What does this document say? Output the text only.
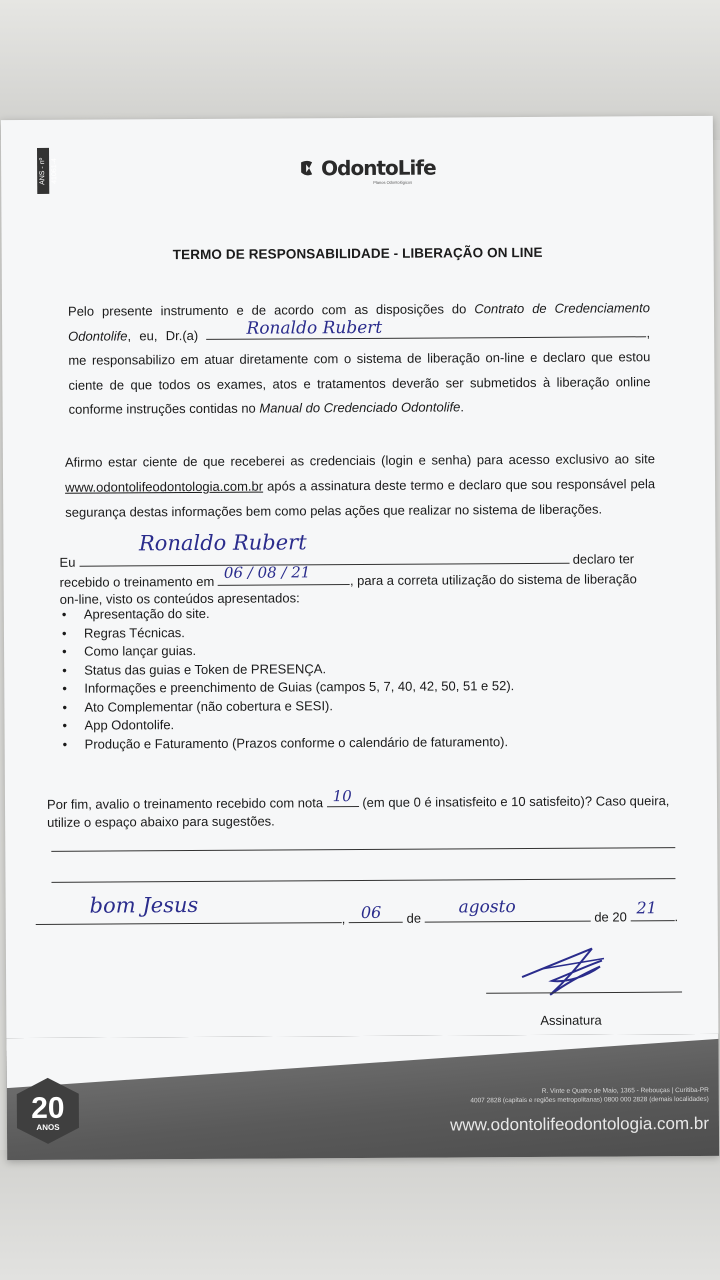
ANS - nº 41061-4	OdontoLife
Planos Odontológicos
TERMO DE RESPONSABILIDADE - LIBERAÇÃO ON LINE
Pelo presente instrumento e de acordo com as disposições do Contrato de Credenciamento Odontolife, eu, Dr.(a)	Ronaldo Rubert	, me responsabilizo em atuar diretamente com o sistema de liberação on-line e declaro que estou ciente de que todos os exames, atos e tratamentos deverão ser submetidos à liberação online conforme instruções contidas no Manual do Credenciado Odontolife.
Afirmo estar ciente de que receberei as credenciais (login e senha) para acesso exclusivo ao site www.odontolifeodontologia.com.br após a assinatura deste termo e declaro que sou responsável pela segurança destas informações bem como pelas ações que realizar no sistema de liberações.
Eu
Ronaldo Rubert
declaro ter
recebido o treinamento em
06 / 08 / 21	, para a correta utilização do sistema de liberação on-line, visto os conteúdos apresentados:
•	Apresentação do site.
•	Regras Técnicas.
•	Como lançar guias.
•	Status das guias e Token de PRESENÇA.
•	Informações e preenchimento de Guias (campos 5, 7, 40, 42, 50, 51 e 52).
•	Ato Complementar (não cobertura e SESI).
•	App Odontolife.
•	Produção e Faturamento (Prazos conforme o calendário de faturamento).
Por fim, avalio o treinamento recebido com nota 10 (em que 0 é insatisfeito e 10 satisfeito)? Caso queira, utilize o espaço abaixo para sugestões.
bom Jesus
, 06 de
agosto	de 20 21 .
Assinatura
20
ANOS
R. Vinte e Quatro de Maio, 1365 - Rebouças | Curitiba-PR
4007 2828 (capitais e regiões metropolitanas) 0800 000 2828 (demais localidades)
www.odontolifeodontologia.com.br
